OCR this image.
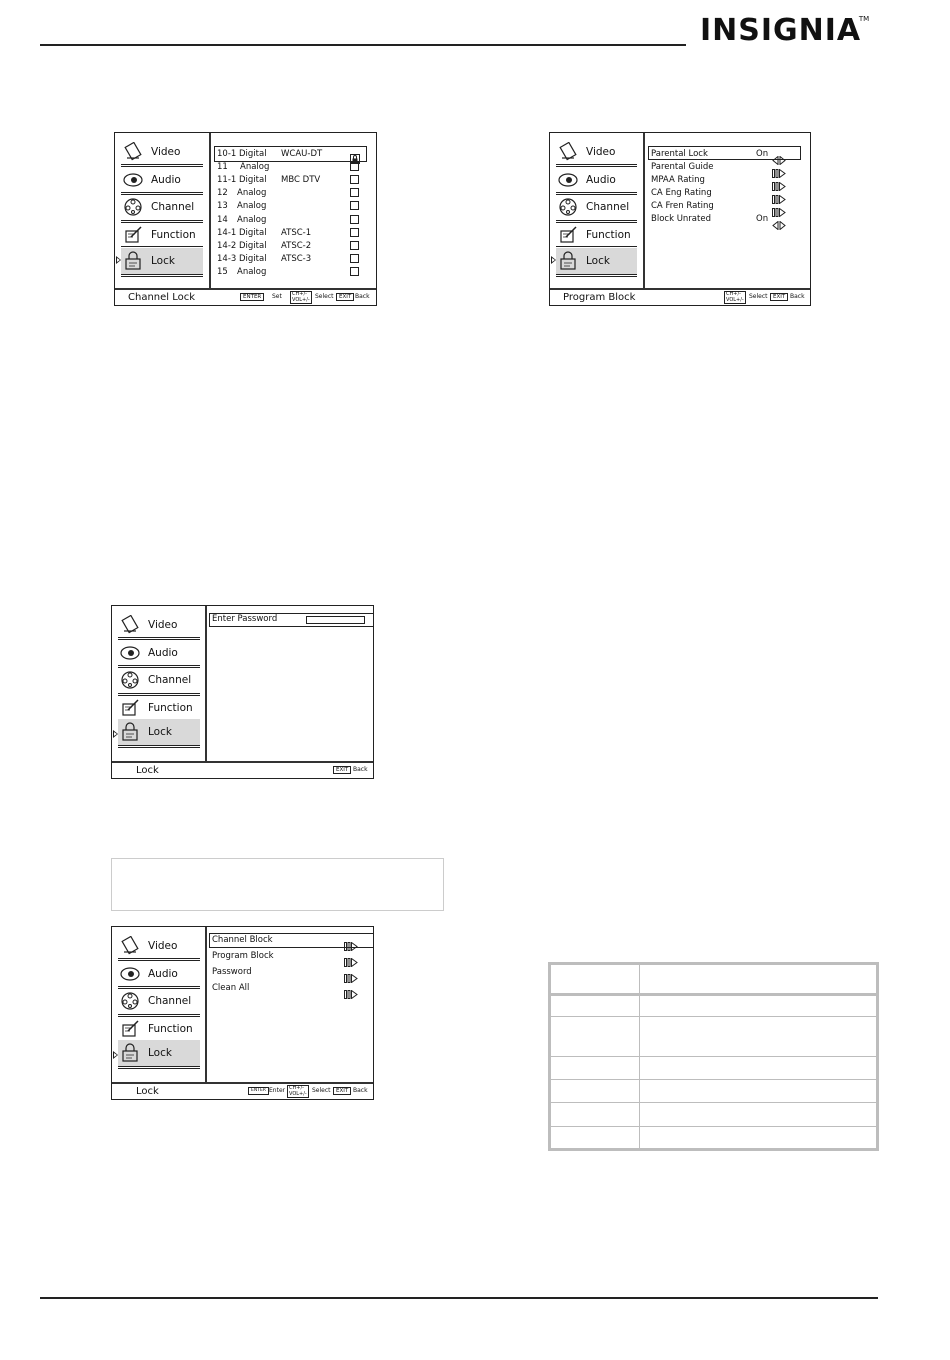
INSIGNIA
TM
Video
Audio
Channel
Function
Lock
10-1 Digital WCAU-DT
11 Analog
11-1 Digital MBC DTV
12 Analog
13 Analog
14 Analog
14-1 Digital ATSC-1
14-2 Digital ATSC-2
14-3 Digital ATSC-3
15 Analog
Channel Lock	ENTER	Set	CH+/-
VOL+/- Select EXIT Back
Video
Audio
Channel
Function
Lock
Parental Lock	On
Parental Guide
MPAA Rating
CA Eng Rating
CA Fren Rating
Block Unrated	On
Program Block	CH+/-
VOL+/- Select EXIT Back
Video
Audio
Channel
Function
Lock
Enter Password
Lock	EXIT Back
Video
Audio
Channel
Function
Lock
Channel Block
Program Block
Password
Clean All
Lock	ENTER Enter CH+/-
VOL+/- Select EXIT Back
